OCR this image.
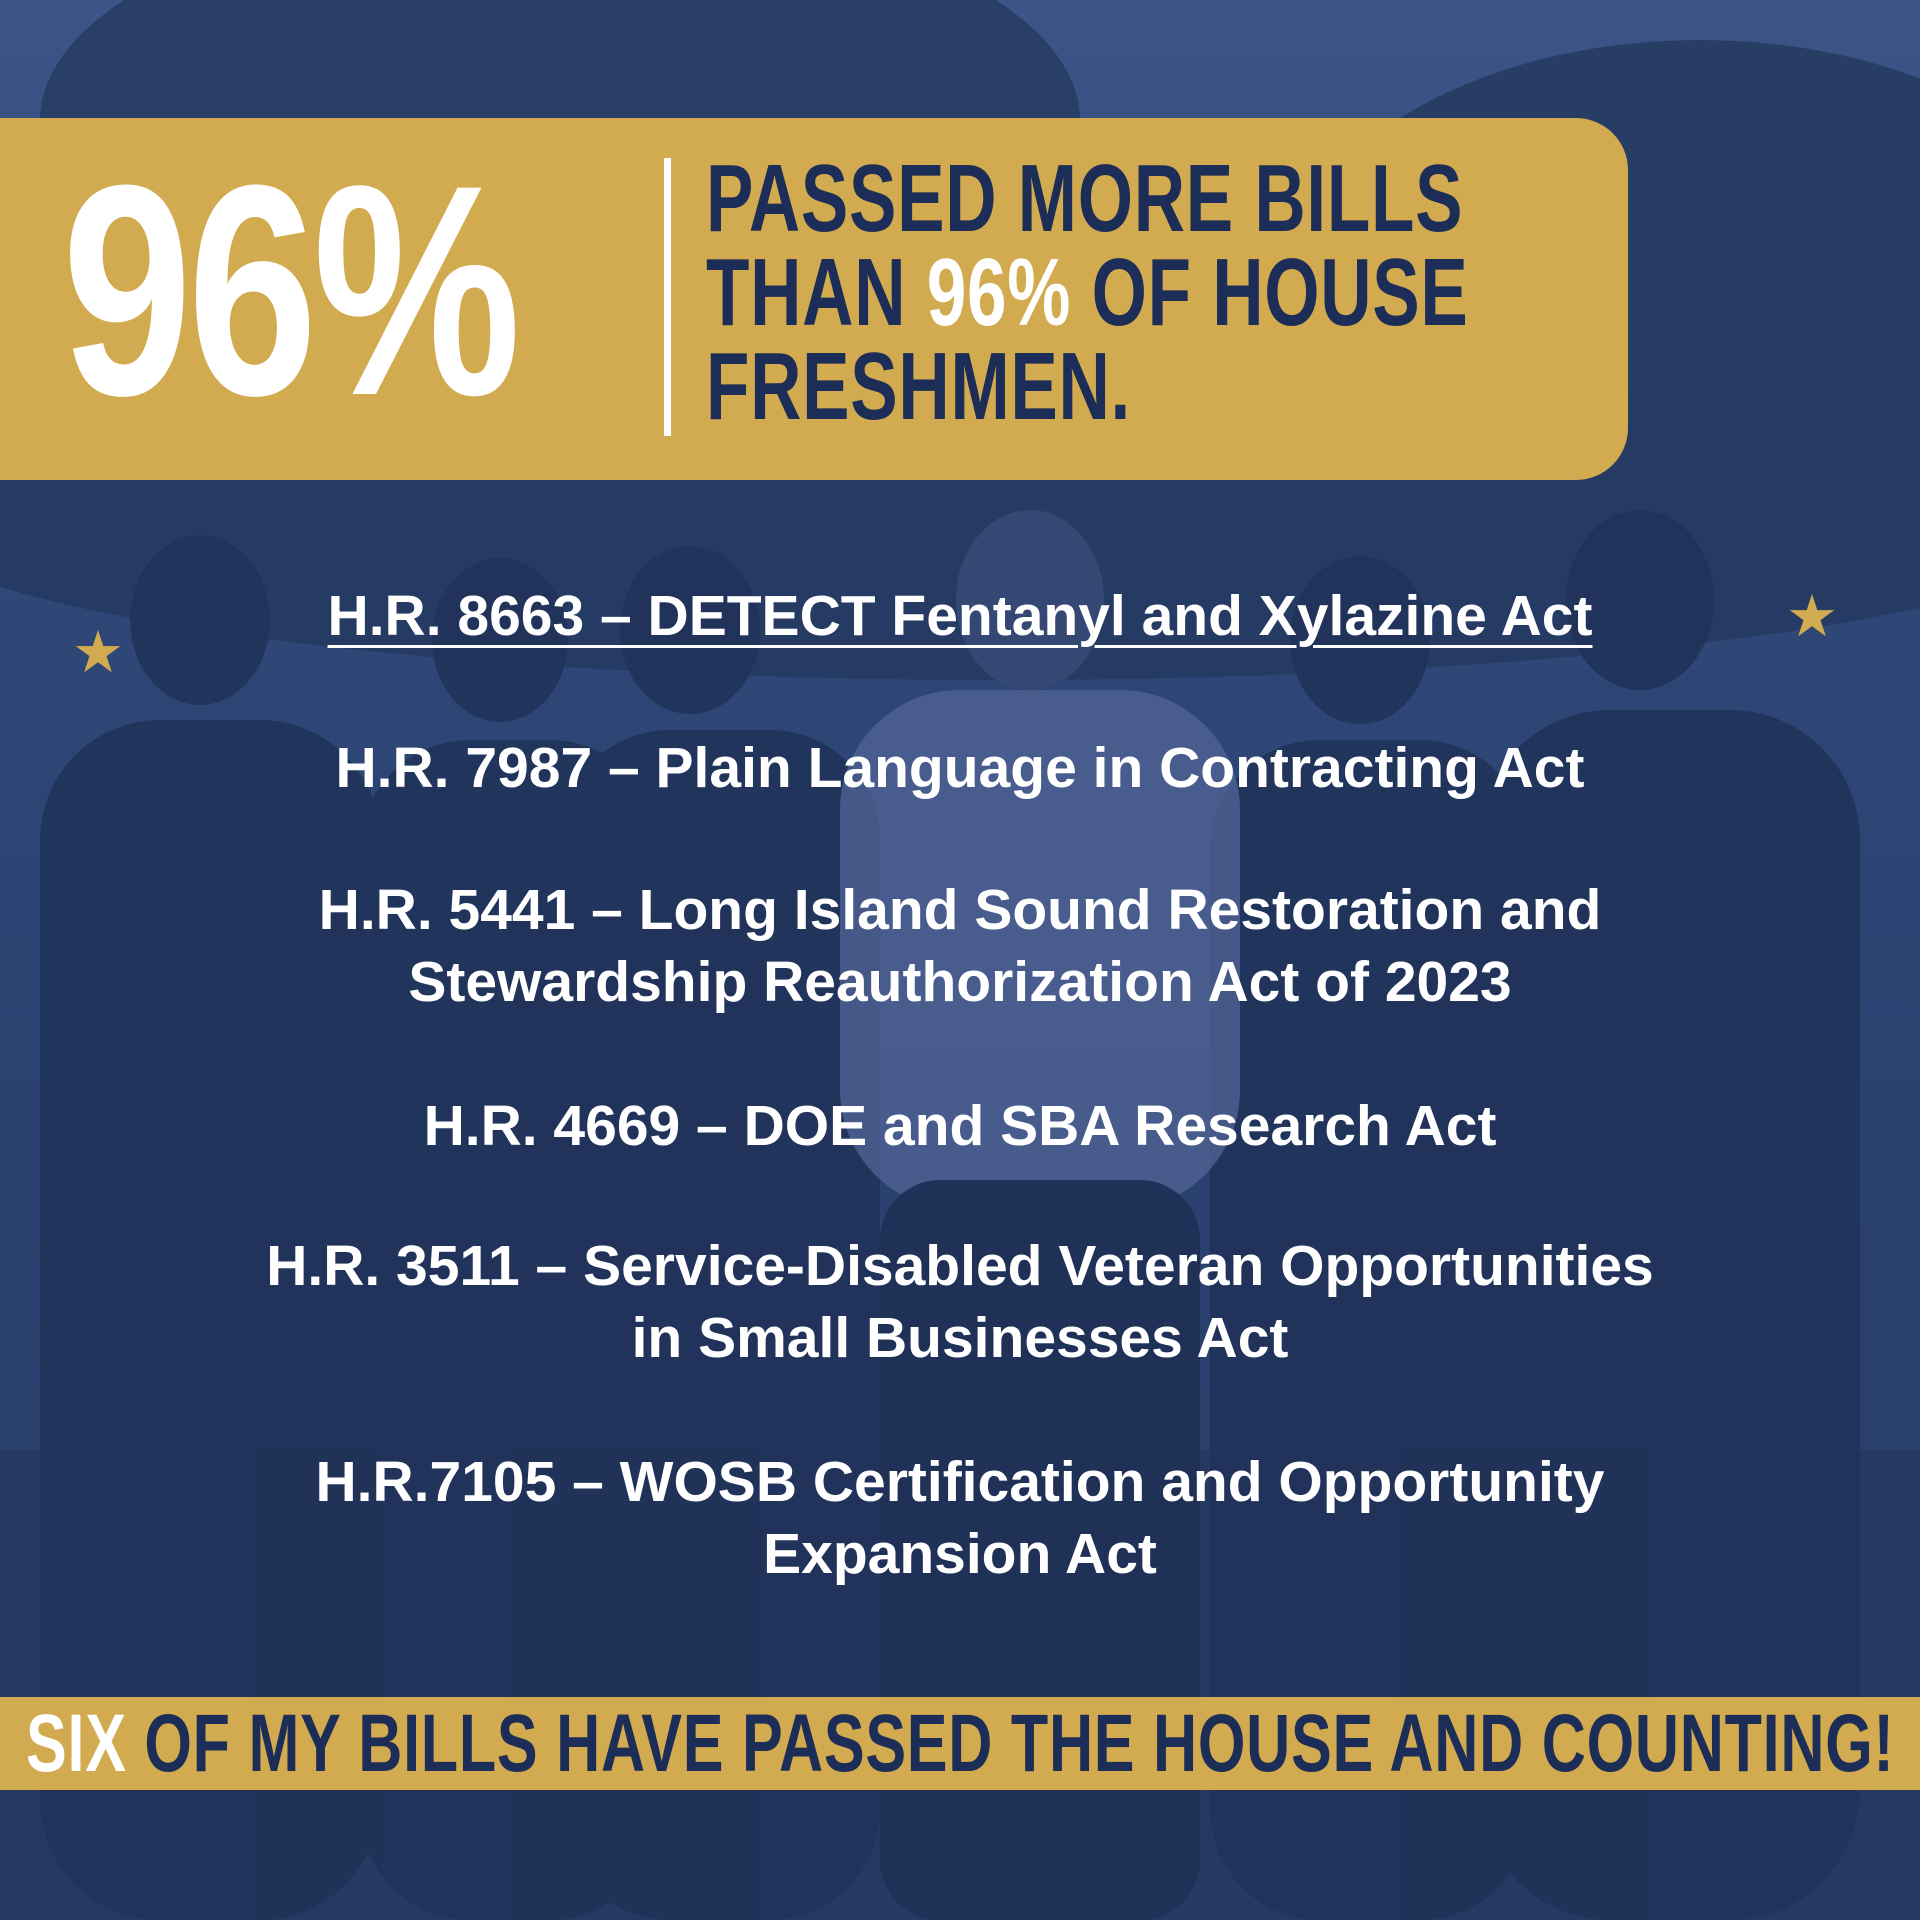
96% PASSED MORE BILLS
THAN 96% OF HOUSE
FRESHMEN.
H.R. 8663 – DETECT Fentanyl and Xylazine Act
★
★
H.R. 7987 – Plain Language in Contracting Act
H.R. 5441 – Long Island Sound Restoration and
Stewardship Reauthorization Act of 2023
H.R. 4669 – DOE and SBA Research Act
H.R. 3511 – Service-Disabled Veteran Opportunities
in Small Businesses Act
H.R.7105 – WOSB Certification and Opportunity
Expansion Act
SIX OF MY BILLS HAVE PASSED THE HOUSE AND COUNTING!
